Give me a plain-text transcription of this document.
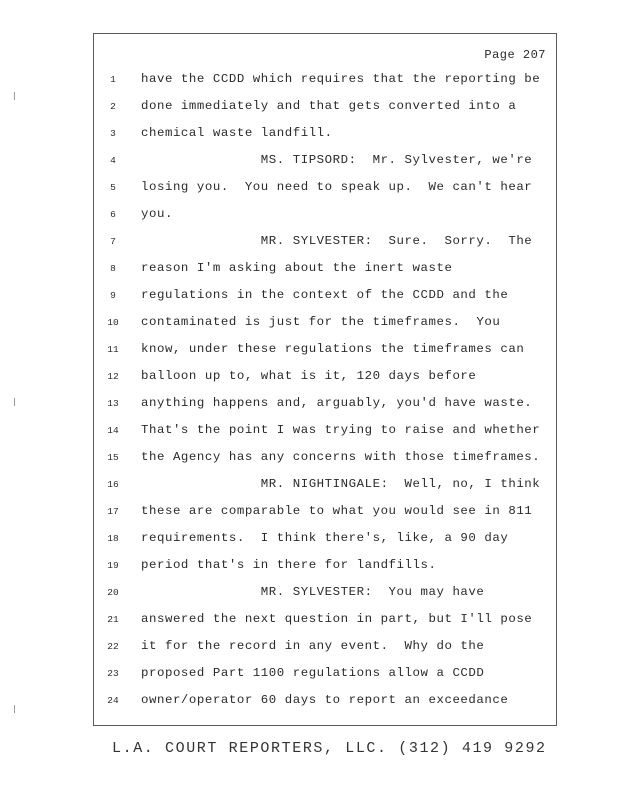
Page 207
1	have the CCDD which requires that the reporting be
2	done immediately and that gets converted into a
3	chemical waste landfill.
4	MS. TIPSORD:  Mr. Sylvester, we're
5	losing you.  You need to speak up.  We can't hear
6	you.
7	MR. SYLVESTER:  Sure.  Sorry.  The
8	reason I'm asking about the inert waste
9	regulations in the context of the CCDD and the
10	contaminated is just for the timeframes.  You
11	know, under these regulations the timeframes can
12	balloon up to, what is it, 120 days before
13	anything happens and, arguably, you'd have waste.
14	That's the point I was trying to raise and whether
15	the Agency has any concerns with those timeframes.
16	MR. NIGHTINGALE:  Well, no, I think
17	these are comparable to what you would see in 811
18	requirements.  I think there's, like, a 90 day
19	period that's in there for landfills.
20	MR. SYLVESTER:  You may have
21	answered the next question in part, but I'll pose
22	it for the record in any event.  Why do the
23	proposed Part 1100 regulations allow a CCDD
24	owner/operator 60 days to report an exceedance
L.A. COURT REPORTERS, LLC. (312) 419 9292
